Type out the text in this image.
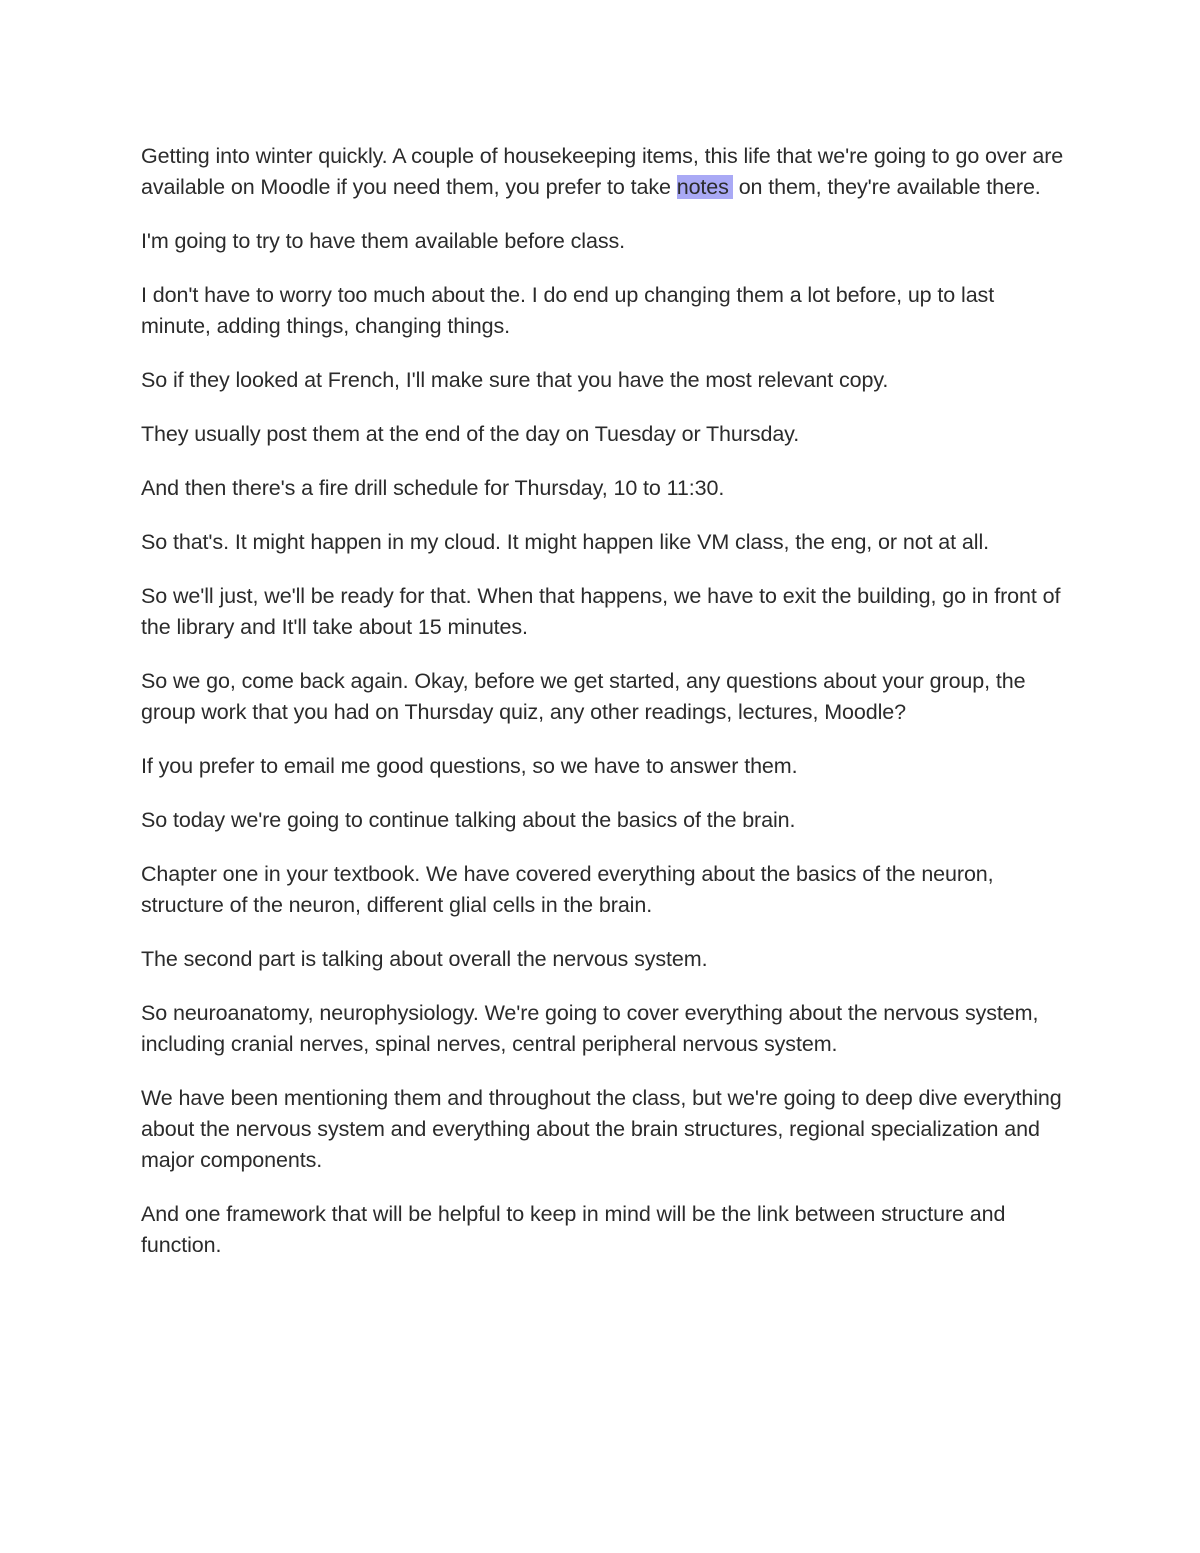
Getting into winter quickly. A couple of housekeeping items, this life that we're going to go over are available on Moodle if you need them, you prefer to take notes on them, they're available there.

I'm going to try to have them available before class.

I don't have to worry too much about the. I do end up changing them a lot before, up to last minute, adding things, changing things.

So if they looked at French, I'll make sure that you have the most relevant copy.

They usually post them at the end of the day on Tuesday or Thursday.

And then there's a fire drill schedule for Thursday, 10 to 11:30.

So that's. It might happen in my cloud. It might happen like VM class, the eng, or not at all.

So we'll just, we'll be ready for that. When that happens, we have to exit the building, go in front of the library and It'll take about 15 minutes.

So we go, come back again. Okay, before we get started, any questions about your group, the group work that you had on Thursday quiz, any other readings, lectures, Moodle?

If you prefer to email me good questions, so we have to answer them.

So today we're going to continue talking about the basics of the brain.

Chapter one in your textbook. We have covered everything about the basics of the neuron, structure of the neuron, different glial cells in the brain.

The second part is talking about overall the nervous system.

So neuroanatomy, neurophysiology. We're going to cover everything about the nervous system, including cranial nerves, spinal nerves, central peripheral nervous system.

We have been mentioning them and throughout the class, but we're going to deep dive everything about the nervous system and everything about the brain structures, regional specialization and major components.

And one framework that will be helpful to keep in mind will be the link between structure and function.
